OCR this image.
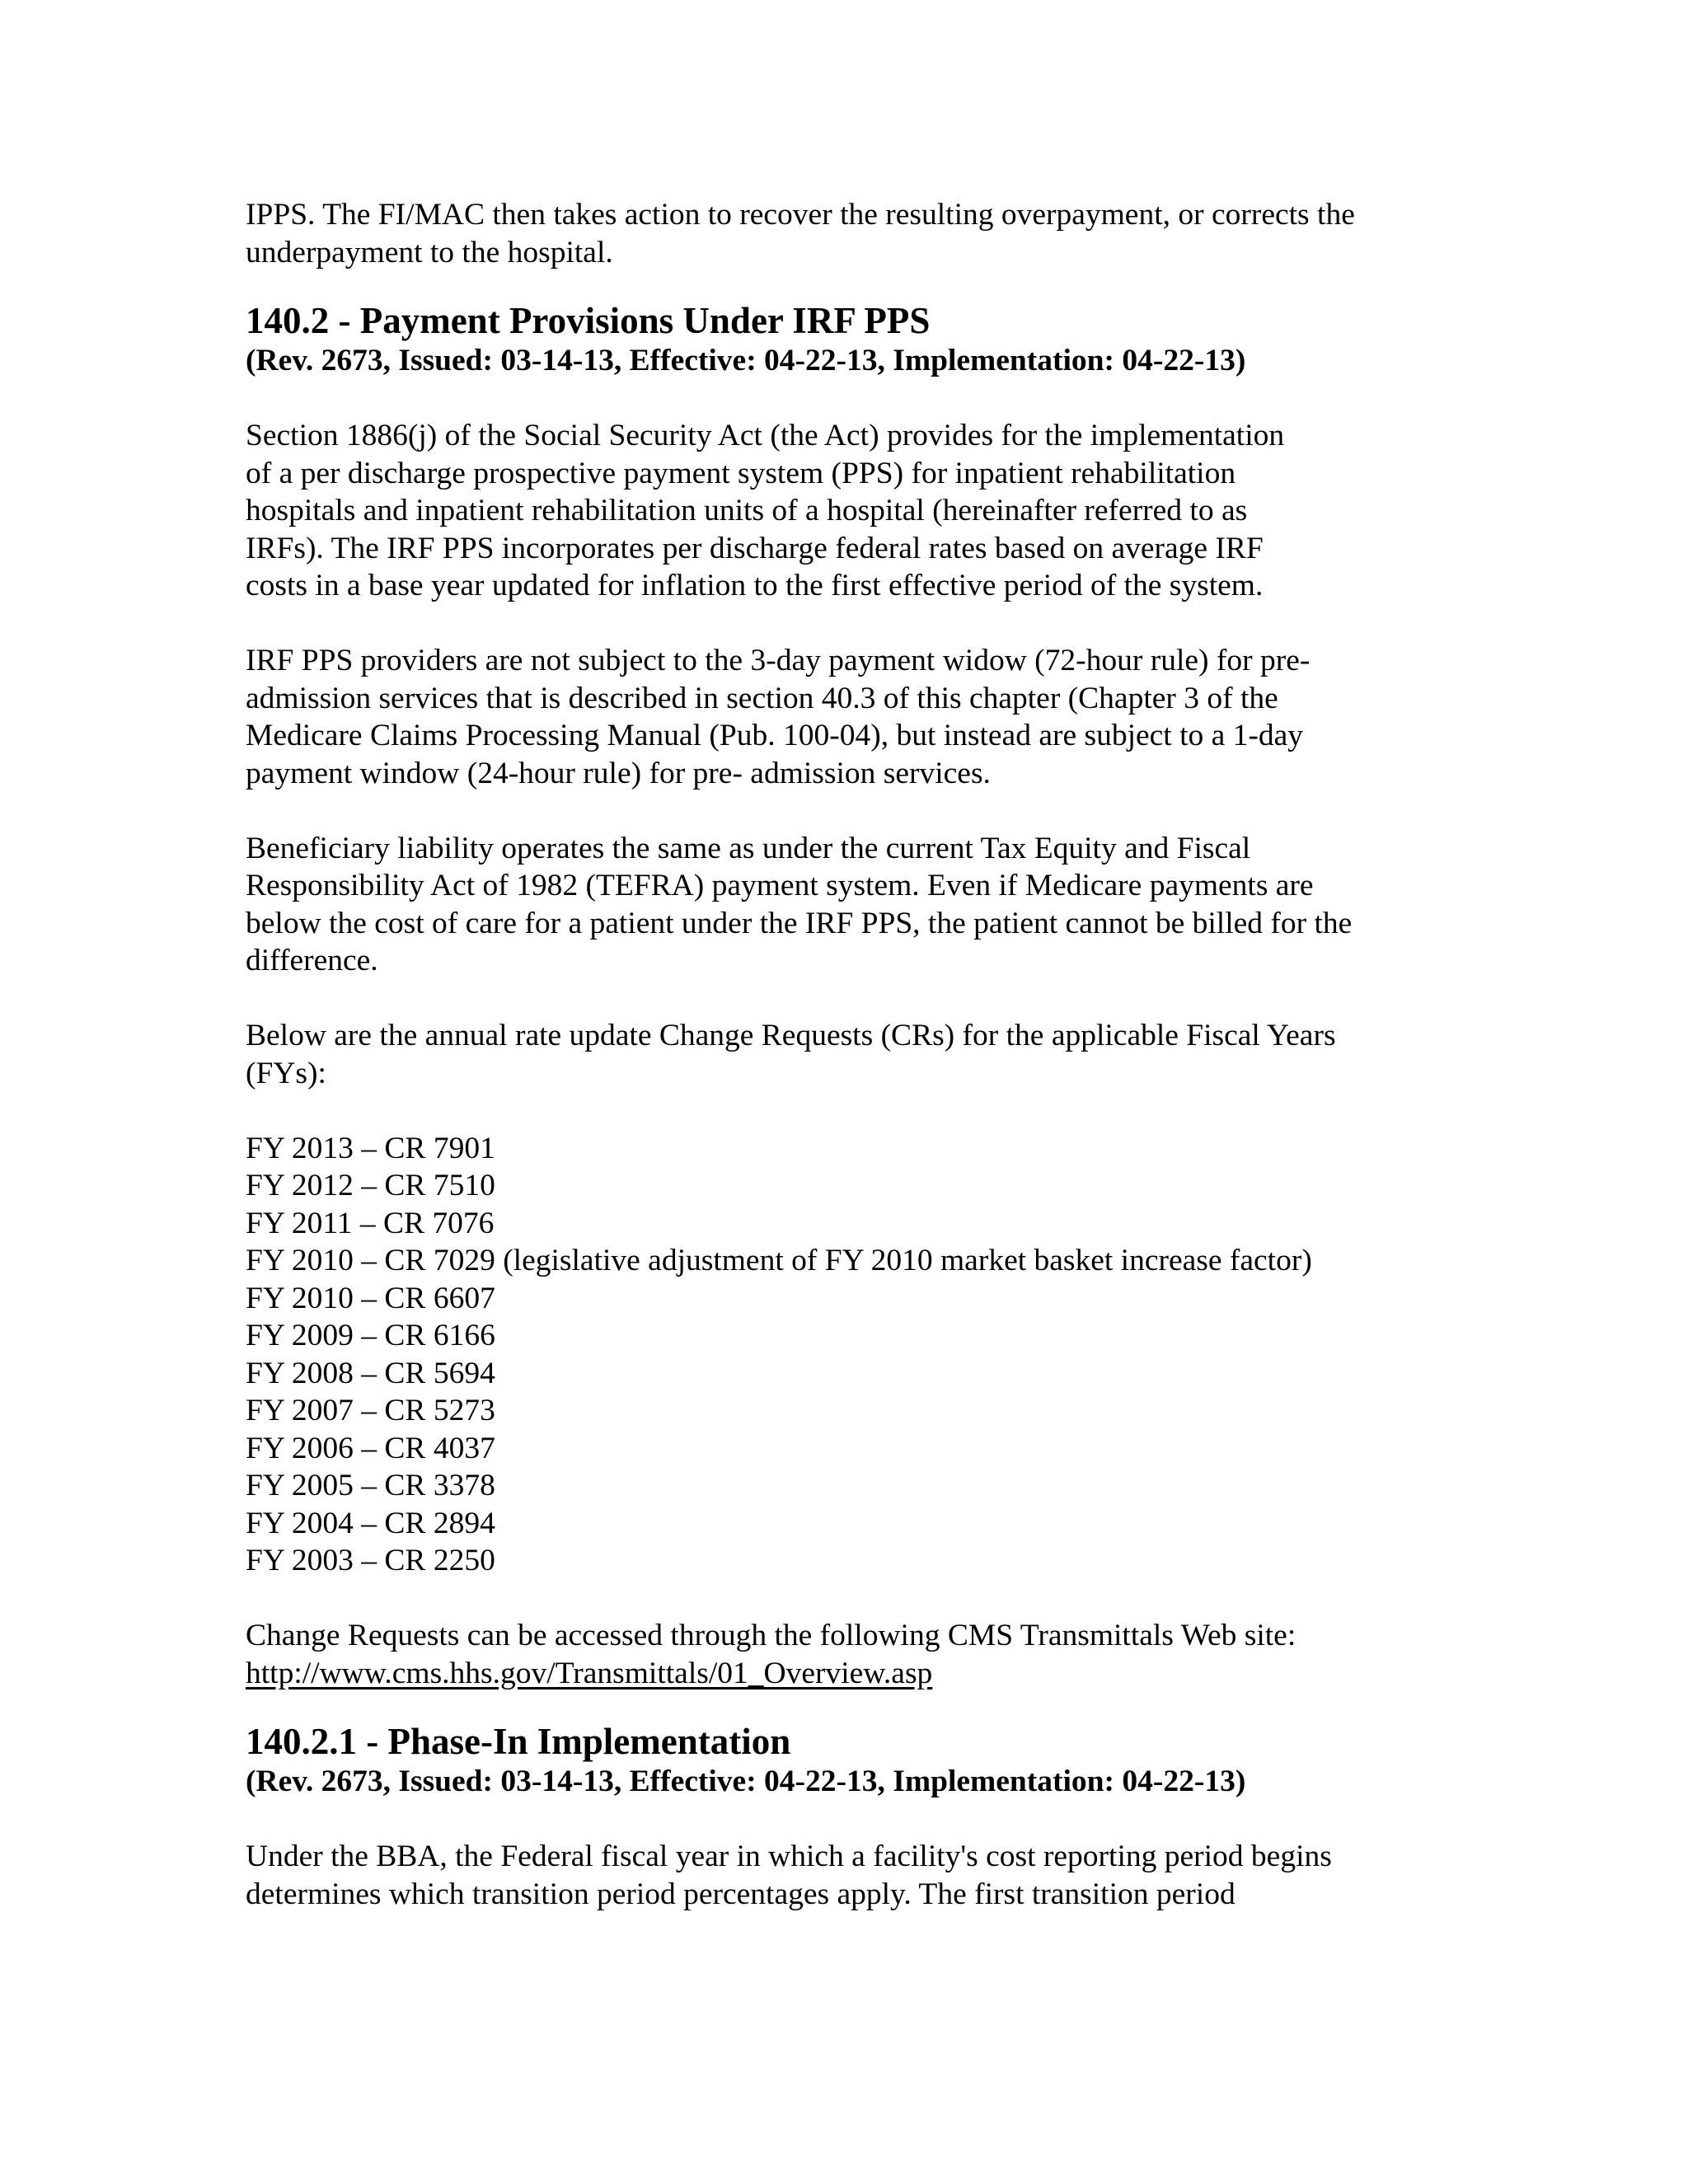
IPPS. The FI/MAC then takes action to recover the resulting overpayment, or corrects the

underpayment to the hospital.

140.2 - Payment Provisions Under IRF PPS

(Rev. 2673, Issued: 03-14-13, Effective: 04-22-13, Implementation: 04-22-13)

Section 1886(j) of the Social Security Act (the Act) provides for the implementation

of a per discharge prospective payment system (PPS) for inpatient rehabilitation

hospitals and inpatient rehabilitation units of a hospital (hereinafter referred to as

IRFs). The IRF PPS incorporates per discharge federal rates based on average IRF

costs in a base year updated for inflation to the first effective period of the system.

IRF PPS providers are not subject to the 3-day payment widow (72-hour rule) for pre-

admission services that is described in section 40.3 of this chapter (Chapter 3 of the

Medicare Claims Processing Manual (Pub. 100-04), but instead are subject to a 1-day

payment window (24-hour rule) for pre- admission services.

Beneficiary liability operates the same as under the current Tax Equity and Fiscal

Responsibility Act of 1982 (TEFRA) payment system. Even if Medicare payments are

below the cost of care for a patient under the IRF PPS, the patient cannot be billed for the

difference.

Below are the annual rate update Change Requests (CRs) for the applicable Fiscal Years

(FYs):

FY 2013 – CR 7901

FY 2012 – CR 7510

FY 2011 – CR 7076

FY 2010 – CR 7029 (legislative adjustment of FY 2010 market basket increase factor)

FY 2010 – CR 6607

FY 2009 – CR 6166

FY 2008 – CR 5694

FY 2007 – CR 5273

FY 2006 – CR 4037

FY 2005 – CR 3378

FY 2004 – CR 2894

FY 2003 – CR 2250

Change Requests can be accessed through the following CMS Transmittals Web site:

http://www.cms.hhs.gov/Transmittals/01_Overview.asp

140.2.1 - Phase-In Implementation

(Rev. 2673, Issued: 03-14-13, Effective: 04-22-13, Implementation: 04-22-13)

Under the BBA, the Federal fiscal year in which a facility's cost reporting period begins

determines which transition period percentages apply. The first transition period
